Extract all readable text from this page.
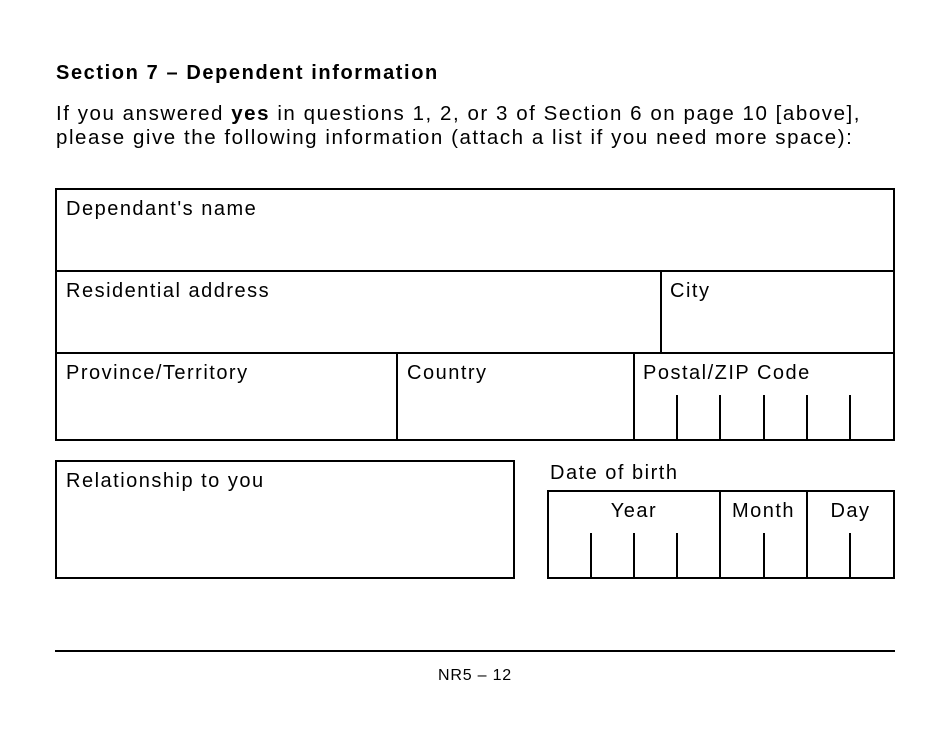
Section 7 – Dependent information
If you answered yes in questions 1, 2, or 3 of Section 6 on page 10 [above], please give the following information (attach a list if you need more space):
Dependant's name
Residential address	City
Province/Territory	Country	Postal/ZIP Code
Relationship to you	Date of birth
Year	Month	Day
NR5 – 12
